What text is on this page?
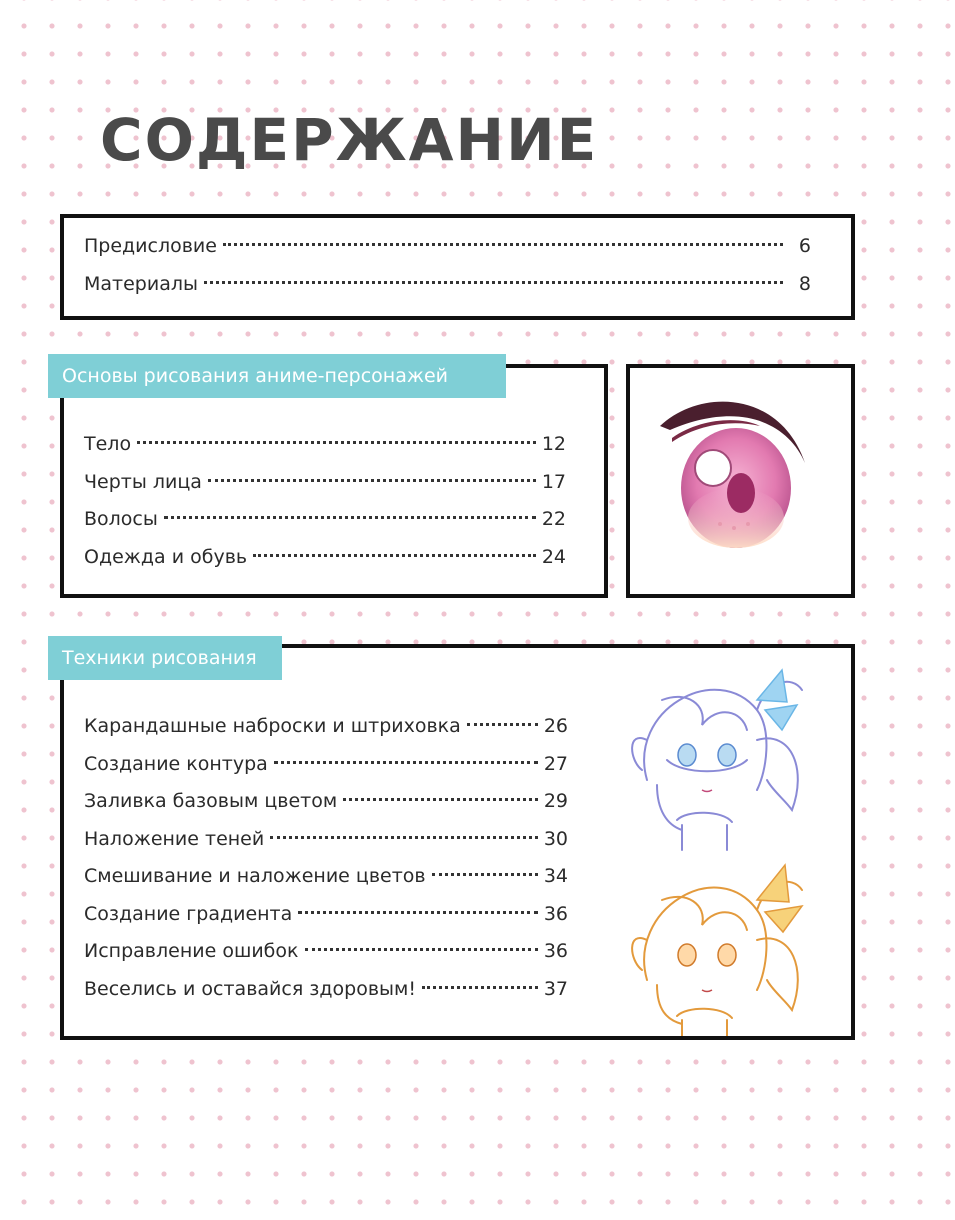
СОДЕРЖАНИЕ
Предисловие	6
Материалы	8
Тело	12
Черты лица	17
Волосы	22
Одежда и обувь	24
Основы рисования аниме-персонажей
Карандашные наброски и штриховка	26
Создание контура	27
Заливка базовым цветом	29
Наложение теней	30
Смешивание и наложение цветов	34
Создание градиента	36
Исправление ошибок	36
Веселись и оставайся здоровым!	37
Техники рисования
